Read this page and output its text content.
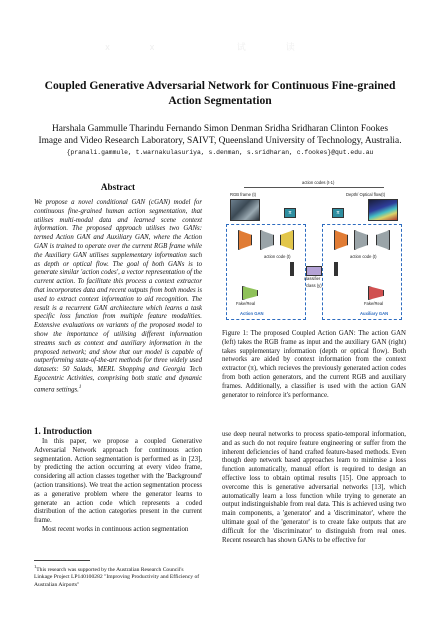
Coupled Generative Adversarial Network for Continuous Fine-grained Action Segmentation
Harshala Gammulle Tharindu Fernando Simon Denman Sridha Sridharan Clinton Fookes
Image and Video Research Laboratory, SAIVT, Queensland University of Technology, Australia.
{pranali.gammule, t.warnakulasuriya, s.denman, s.sridharan, c.fookes}@qut.edu.au
Abstract
We propose a novel conditional GAN (cGAN) model for continuous fine-grained human action segmentation, that utilises multi-modal data and learned scene context information. The proposed approach utilises two GANs: termed Action GAN and Auxiliary GAN, where the Action GAN is trained to operate over the current RGB frame while the Auxiliary GAN utilises supplementary information such as depth or optical flow. The goal of both GANs is to generate similar 'action codes', a vector representation of the current action. To facilitate this process a context extractor that incorporates data and recent outputs from both modes is used to extract context information to aid recognition. The result is a recurrent GAN architecture which learns a task specific loss function from multiple feature modalities. Extensive evaluations on variants of the proposed model to show the importance of utilising different information streams such as context and auxiliary information in the proposed network; and show that our model is capable of outperforming state-of-the-art methods for three widely used datasets: 50 Salads, MERL Shopping and Georgia Tech Egocentric Activities, comprising both static and dynamic camera settings.$^1$
1. Introduction
In this paper, we propose a coupled Generative Adversarial Network approach for continuous action segmentation. Action segmentation is performed as in [23], by predicting the action occurring at every video frame, considering all action classes together with the 'Background' (action transitions). We treat the action segmentation process as a generative problem where the generator learns to generate an action code which represents a coded distribution of the action categories present in the current frame.
Most recent works in continuous action segmentation
$^1$This research was supported by the Australian Research Council's Linkage Project LP140100282 "Improving Productivity and Efficiency of Australian Airports"
action codes (t-1)
RGB frame (t)	Depth/ Optical flow(t)
π	π
action code (t)	action code (t)
classifier
class (y)
Fake/Real	Fake/Real
Action GAN	Auxiliary GAN
Figure 1: The proposed Coupled Action GAN: The action GAN (left) takes the RGB frame as input and the auxiliary GAN (right) takes supplementary information (depth or optical flow). Both networks are aided by context information from the context extractor (π), which recieves the previously generated action codes from both action generators, and the current RGB and auxiliary frames. Additionally, a classifier is used with the action GAN generator to reinforce it's performance.
use deep neural networks to process spatio-temporal information, and as such do not require feature engineering or suffer from the inherent deficiencies of hand crafted feature-based methods. Even though deep network based approaches learn to minimise a loss function automatically, manual effort is required to design an effective loss to obtain optimal results [15]. One approach to overcome this is generative adversarial networks [13], which automatically learn a loss function while trying to generate an output indistinguishable from real data. This is achieved using two main components, a 'generator' and a 'discriminator', where the ultimate goal of the 'generator' is to create fake outputs that are difficult for the 'discriminator' to distinguish from real ones. Recent research has shown GANs to be effective for
xx 试读
